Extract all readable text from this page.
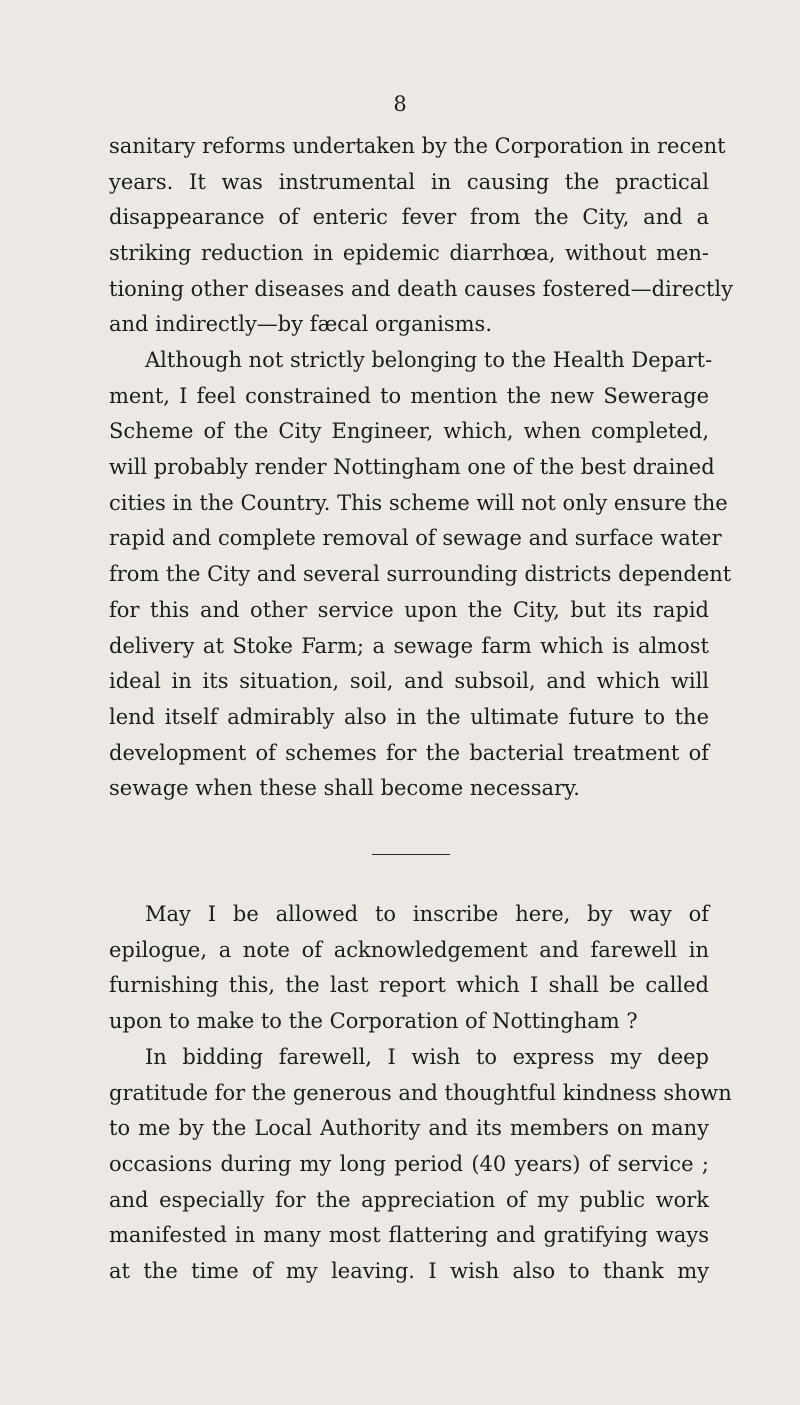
8
sanitary reforms undertaken by the Corporation in recent
years. It was instrumental in causing the practical
disappearance of enteric fever from the City, and a
striking reduction in epidemic diarrhœa, without men-
tioning other diseases and death causes fostered—directly
and indirectly—by fæcal organisms.
Although not strictly belonging to the Health Depart-
ment, I feel constrained to mention the new Sewerage
Scheme of the City Engineer, which, when completed,
will probably render Nottingham one of the best drained
cities in the Country. This scheme will not only ensure the
rapid and complete removal of sewage and surface water
from the City and several surrounding districts dependent
for this and other service upon the City, but its rapid
delivery at Stoke Farm; a sewage farm which is almost
ideal in its situation, soil, and subsoil, and which will
lend itself admirably also in the ultimate future to the
development of schemes for the bacterial treatment of
sewage when these shall become necessary.
May I be allowed to inscribe here, by way of
epilogue, a note of acknowledgement and farewell in
furnishing this, the last report which I shall be called
upon to make to the Corporation of Nottingham ?
In bidding farewell, I wish to express my deep
gratitude for the generous and thoughtful kindness shown
to me by the Local Authority and its members on many
occasions during my long period (40 years) of service ;
and especially for the appreciation of my public work
manifested in many most flattering and gratifying ways
at the time of my leaving. I wish also to thank my
